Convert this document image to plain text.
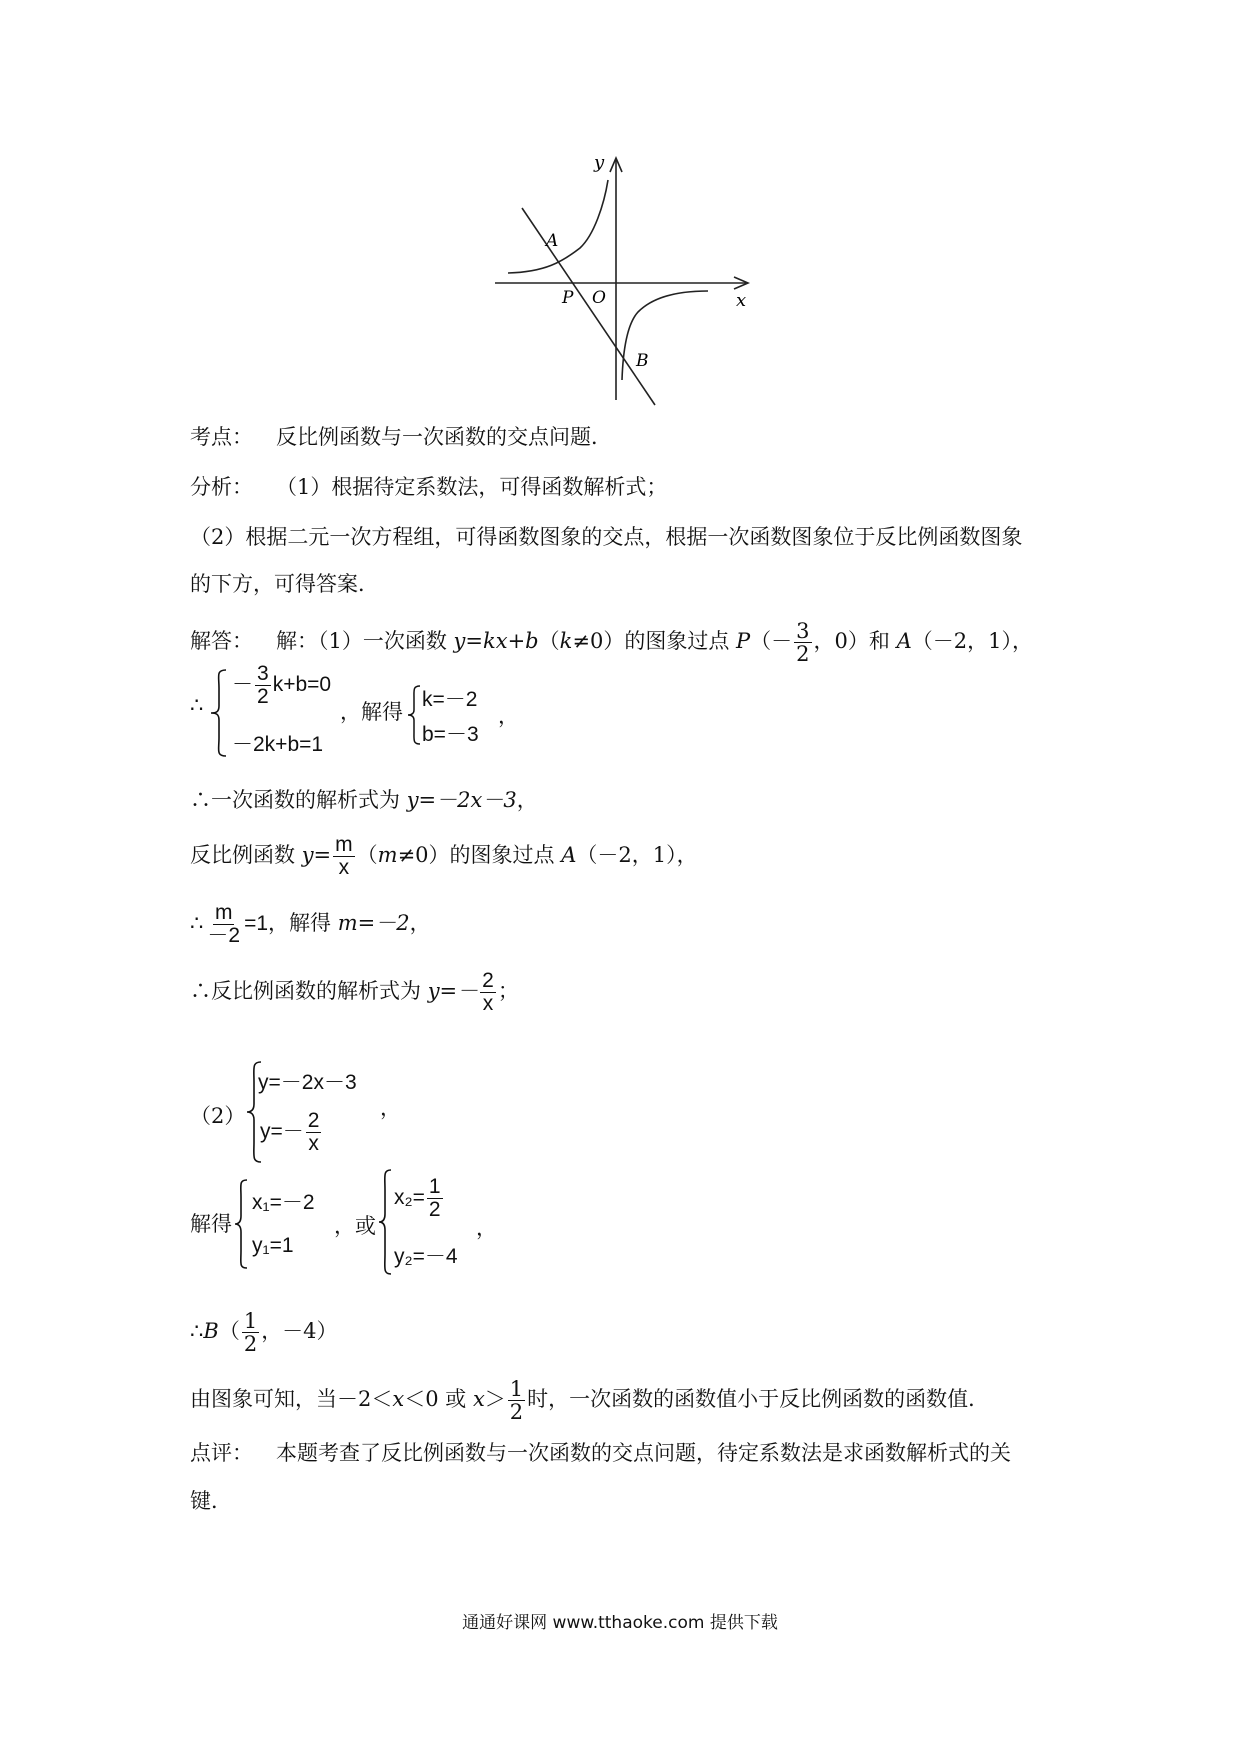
y
x
A
P O
B
考点： 反比例函数与一次函数的交点问题．
分析： （1）根据待定系数法，可得函数解析式；
（2）根据二元一次方程组，可得函数图象的交点，根据一次函数图象位于反比例函数图象
的下方，可得答案．
解答： 解：（1）一次函数 y=kx+b（k≠0）的图象过点 $P(- \frac{3}{2}$ ，0）和 A（－2，1），
∴
－ $\frac{3}{2} k+b=0$
－2k+b=1
，解得
k=－2
b=－3
，
∴一次函数的解析式为 y=－2x－3，
反比例函数 $y= \frac{m}{x} (m\ne 0)$的图象过点 A（－2，1），
∴ $\frac{m}{-2} =1$，解得 m=－2，
∴反比例函数的解析式为 $y=- \frac{2}{x}$ ；
（2）
y=－2x－3
$y=- \frac{2}{x}$
，
解得
x₁=－2
y₁=1
，或
$x_2= \frac{1}{2}$
y₂=－4
，
∴B（ $\frac{1}{2}$ ，－4）
由图象可知，当－2＜x＜0 或 $x> \frac{1}{2}$ 时，一次函数的函数值小于反比例函数的函数值．
点评： 本题考查了反比例函数与一次函数的交点问题，待定系数法是求函数解析式的关
键．
通通好课网 www.tthaoke.com 提供下载
